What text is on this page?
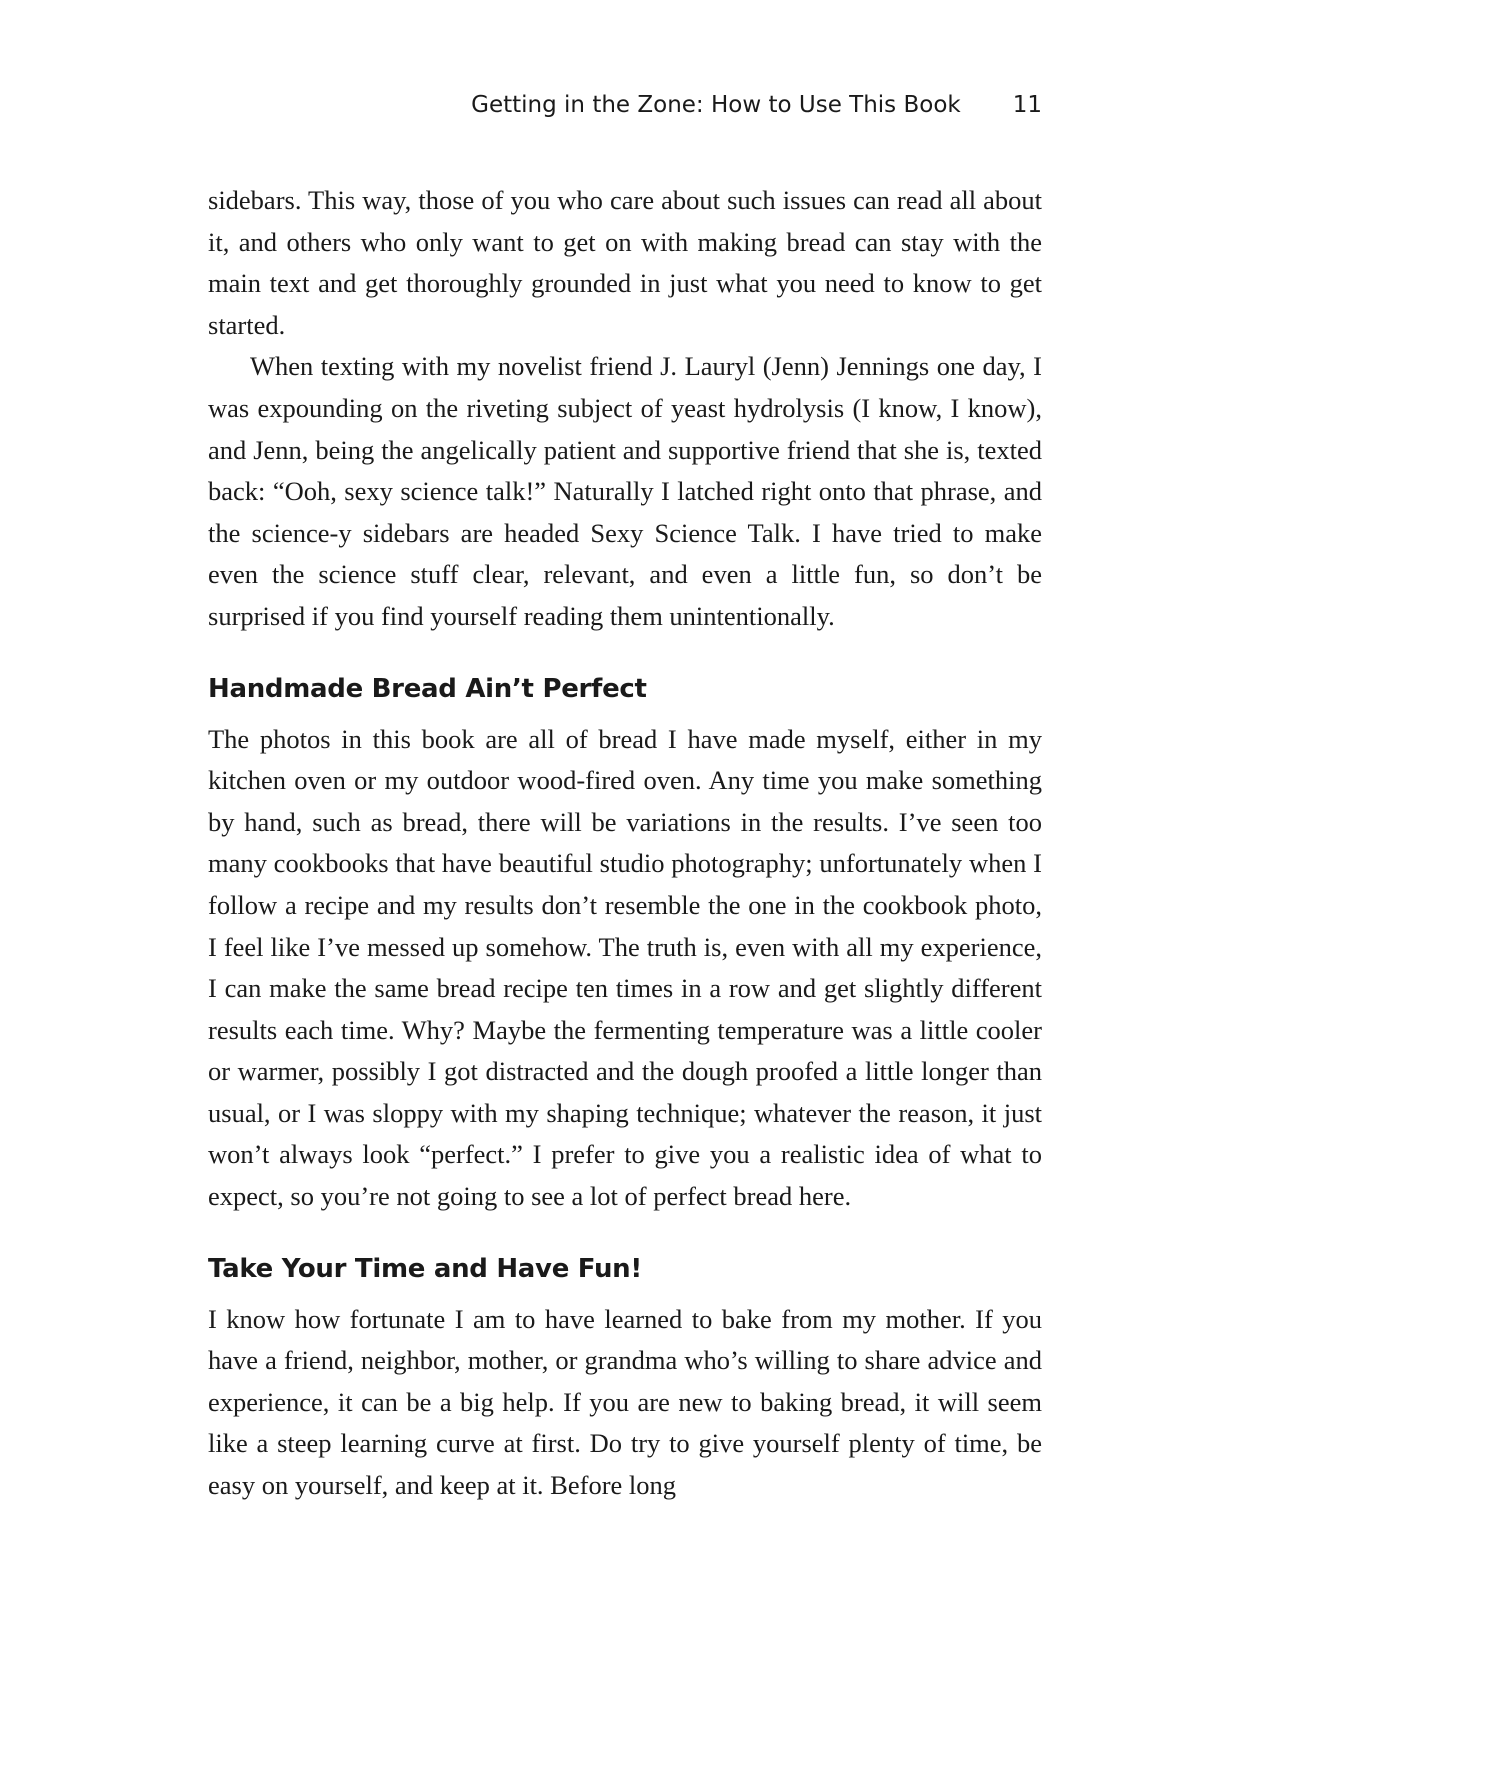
Getting in the Zone: How to Use This Book 11

sidebars. This way, those of you who care about such issues can read all about it, and others who only want to get on with making bread can stay with the main text and get thoroughly grounded in just what you need to know to get started.

When texting with my novelist friend J. Lauryl (Jenn) Jennings one day, I was expounding on the riveting subject of yeast hydrolysis (I know, I know), and Jenn, being the angelically patient and supportive friend that she is, texted back: “Ooh, sexy science talk!” Naturally I latched right onto that phrase, and the science-y sidebars are headed Sexy Science Talk. I have tried to make even the science stuff clear, relevant, and even a little fun, so don’t be surprised if you find yourself reading them unintentionally.

Handmade Bread Ain’t Perfect

The photos in this book are all of bread I have made myself, either in my kitchen oven or my outdoor wood-fired oven. Any time you make something by hand, such as bread, there will be variations in the results. I’ve seen too many cookbooks that have beautiful studio photography; unfortunately when I follow a recipe and my results don’t resemble the one in the cookbook photo, I feel like I’ve messed up somehow. The truth is, even with all my experience, I can make the same bread recipe ten times in a row and get slightly different results each time. Why? Maybe the fermenting temperature was a little cooler or warmer, possibly I got distracted and the dough proofed a little longer than usual, or I was sloppy with my shaping technique; whatever the reason, it just won’t always look “perfect.” I prefer to give you a realistic idea of what to expect, so you’re not going to see a lot of perfect bread here.

Take Your Time and Have Fun!

I know how fortunate I am to have learned to bake from my mother. If you have a friend, neighbor, mother, or grandma who’s willing to share advice and experience, it can be a big help. If you are new to baking bread, it will seem like a steep learning curve at first. Do try to give yourself plenty of time, be easy on yourself, and keep at it. Before long
